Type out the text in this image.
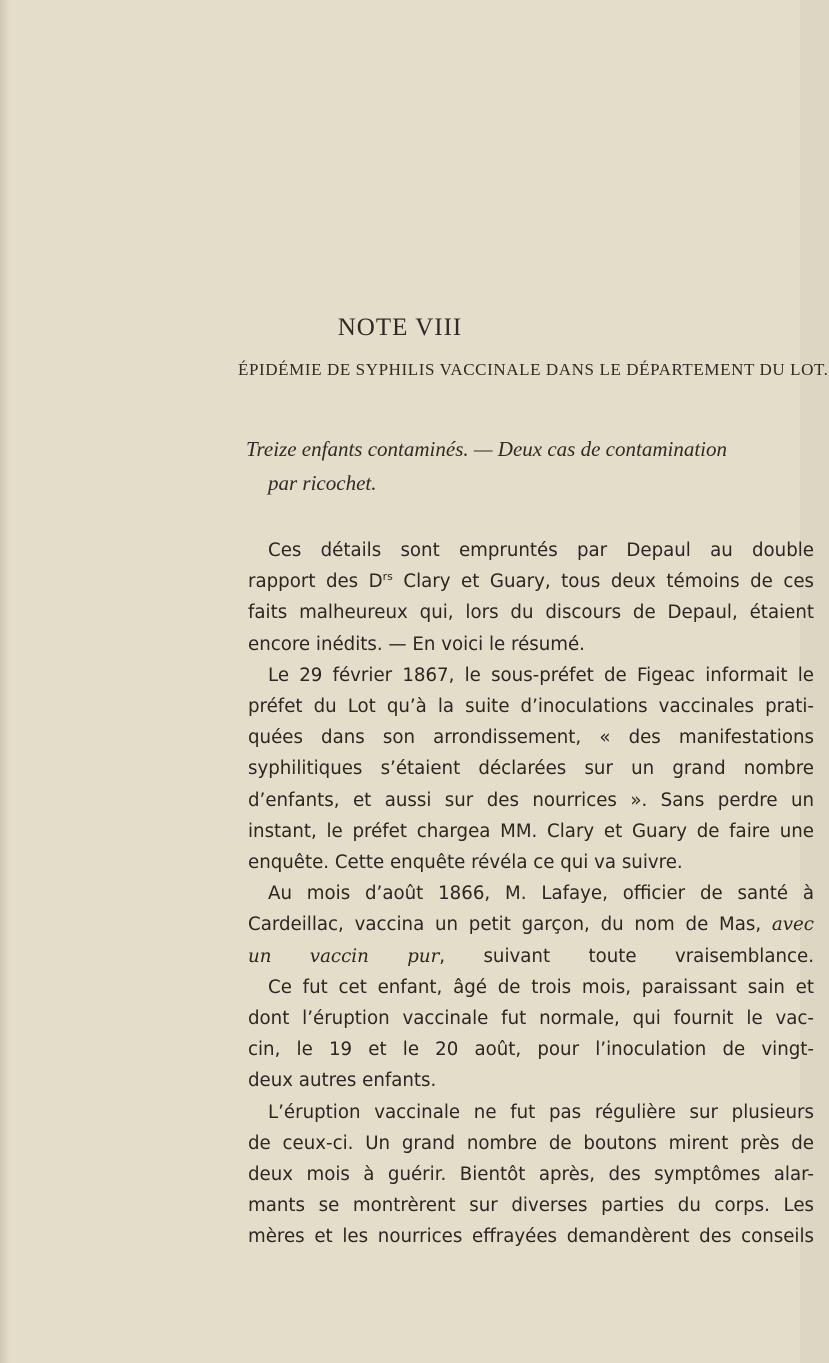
NOTE VIII
ÉPIDÉMIE DE SYPHILIS VACCINALE DANS LE DÉPARTEMENT DU LOT.
Treize enfants contaminés. — Deux cas de contamination
par ricochet.
Ces détails sont empruntés par Depaul au double
rapport des $D^{rs}$ Clary et Guary, tous deux témoins de ces
faits malheureux qui, lors du discours de Depaul, étaient
encore inédits. — En voici le résumé.
Le 29 février 1867, le sous-préfet de Figeac informait le
préfet du Lot qu’à la suite d’inoculations vaccinales prati-
quées dans son arrondissement, « des manifestations
syphilitiques s’étaient déclarées sur un grand nombre
d’enfants, et aussi sur des nourrices ». Sans perdre un
instant, le préfet chargea MM. Clary et Guary de faire une
enquête. Cette enquête révéla ce qui va suivre.
Au mois d’août 1866, M. Lafaye, officier de santé à
Cardeillac, vaccina un petit garçon, du nom de Mas, avec
un vaccin pur, suivant toute vraisemblance.
Ce fut cet enfant, âgé de trois mois, paraissant sain et
dont l’éruption vaccinale fut normale, qui fournit le vac-
cin, le 19 et le 20 août, pour l’inoculation de vingt-
deux autres enfants.
L’éruption vaccinale ne fut pas régulière sur plusieurs
de ceux-ci. Un grand nombre de boutons mirent près de
deux mois à guérir. Bientôt après, des symptômes alar-
mants se montrèrent sur diverses parties du corps. Les
mères et les nourrices effrayées demandèrent des conseils
